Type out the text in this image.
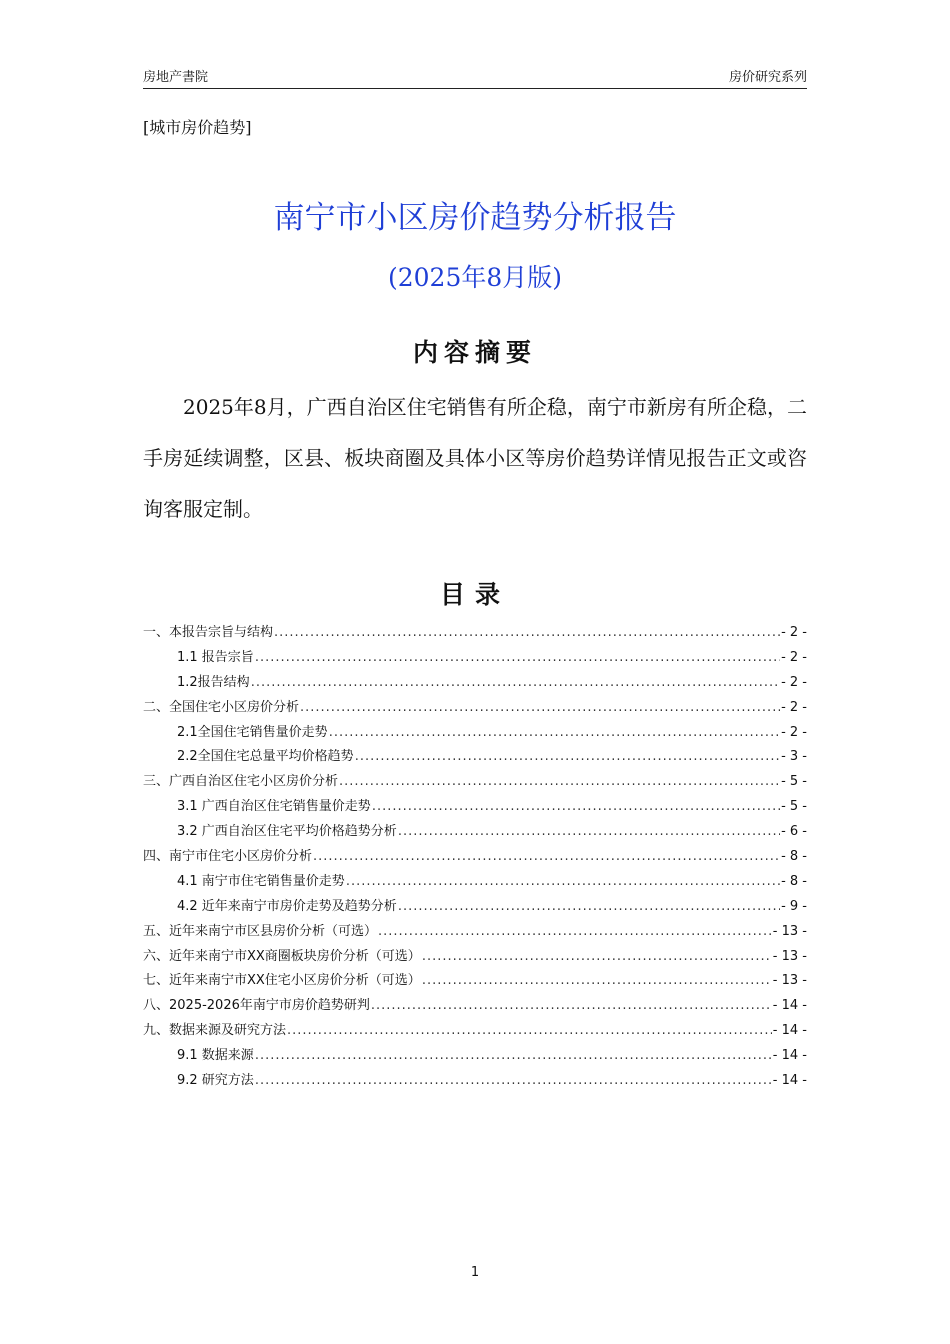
房地产書院	房价研究系列
[城市房价趋势]
南宁市小区房价趋势分析报告
(2025年8月版)
内容摘要
2025年8月，广西自治区住宅销售有所企稳，南宁市新房有所企稳，二手房延续调整，区县、板块商圈及具体小区等房价趋势详情见报告正文或咨询客服定制。
目录
一、本报告宗旨与结构 .....	- 2 -
1.1 报告宗旨 .....	- 2 -
1.2报告结构 .....	- 2 -
二、全国住宅小区房价分析 .....	- 2 -
2.1全国住宅销售量价走势 .....	- 2 -
2.2全国住宅总量平均价格趋势 .....	- 3 -
三、广西自治区住宅小区房价分析 .....	- 5 -
3.1 广西自治区住宅销售量价走势 .....	- 5 -
3.2 广西自治区住宅平均价格趋势分析 .....	- 6 -
四、南宁市住宅小区房价分析 .....	- 8 -
4.1 南宁市住宅销售量价走势 .....	- 8 -
4.2 近年来南宁市房价走势及趋势分析 .....	- 9 -
五、近年来南宁市区县房价分析（可选） .....	- 13 -
六、近年来南宁市XX商圈板块房价分析（可选） .....	- 13 -
七、近年来南宁市XX住宅小区房价分析（可选） .....	- 13 -
八、2025-2026年南宁市房价趋势研判 .....	- 14 -
九、数据来源及研究方法 .....	- 14 -
9.1 数据来源 .....	- 14 -
9.2 研究方法 .....	- 14 -
1
